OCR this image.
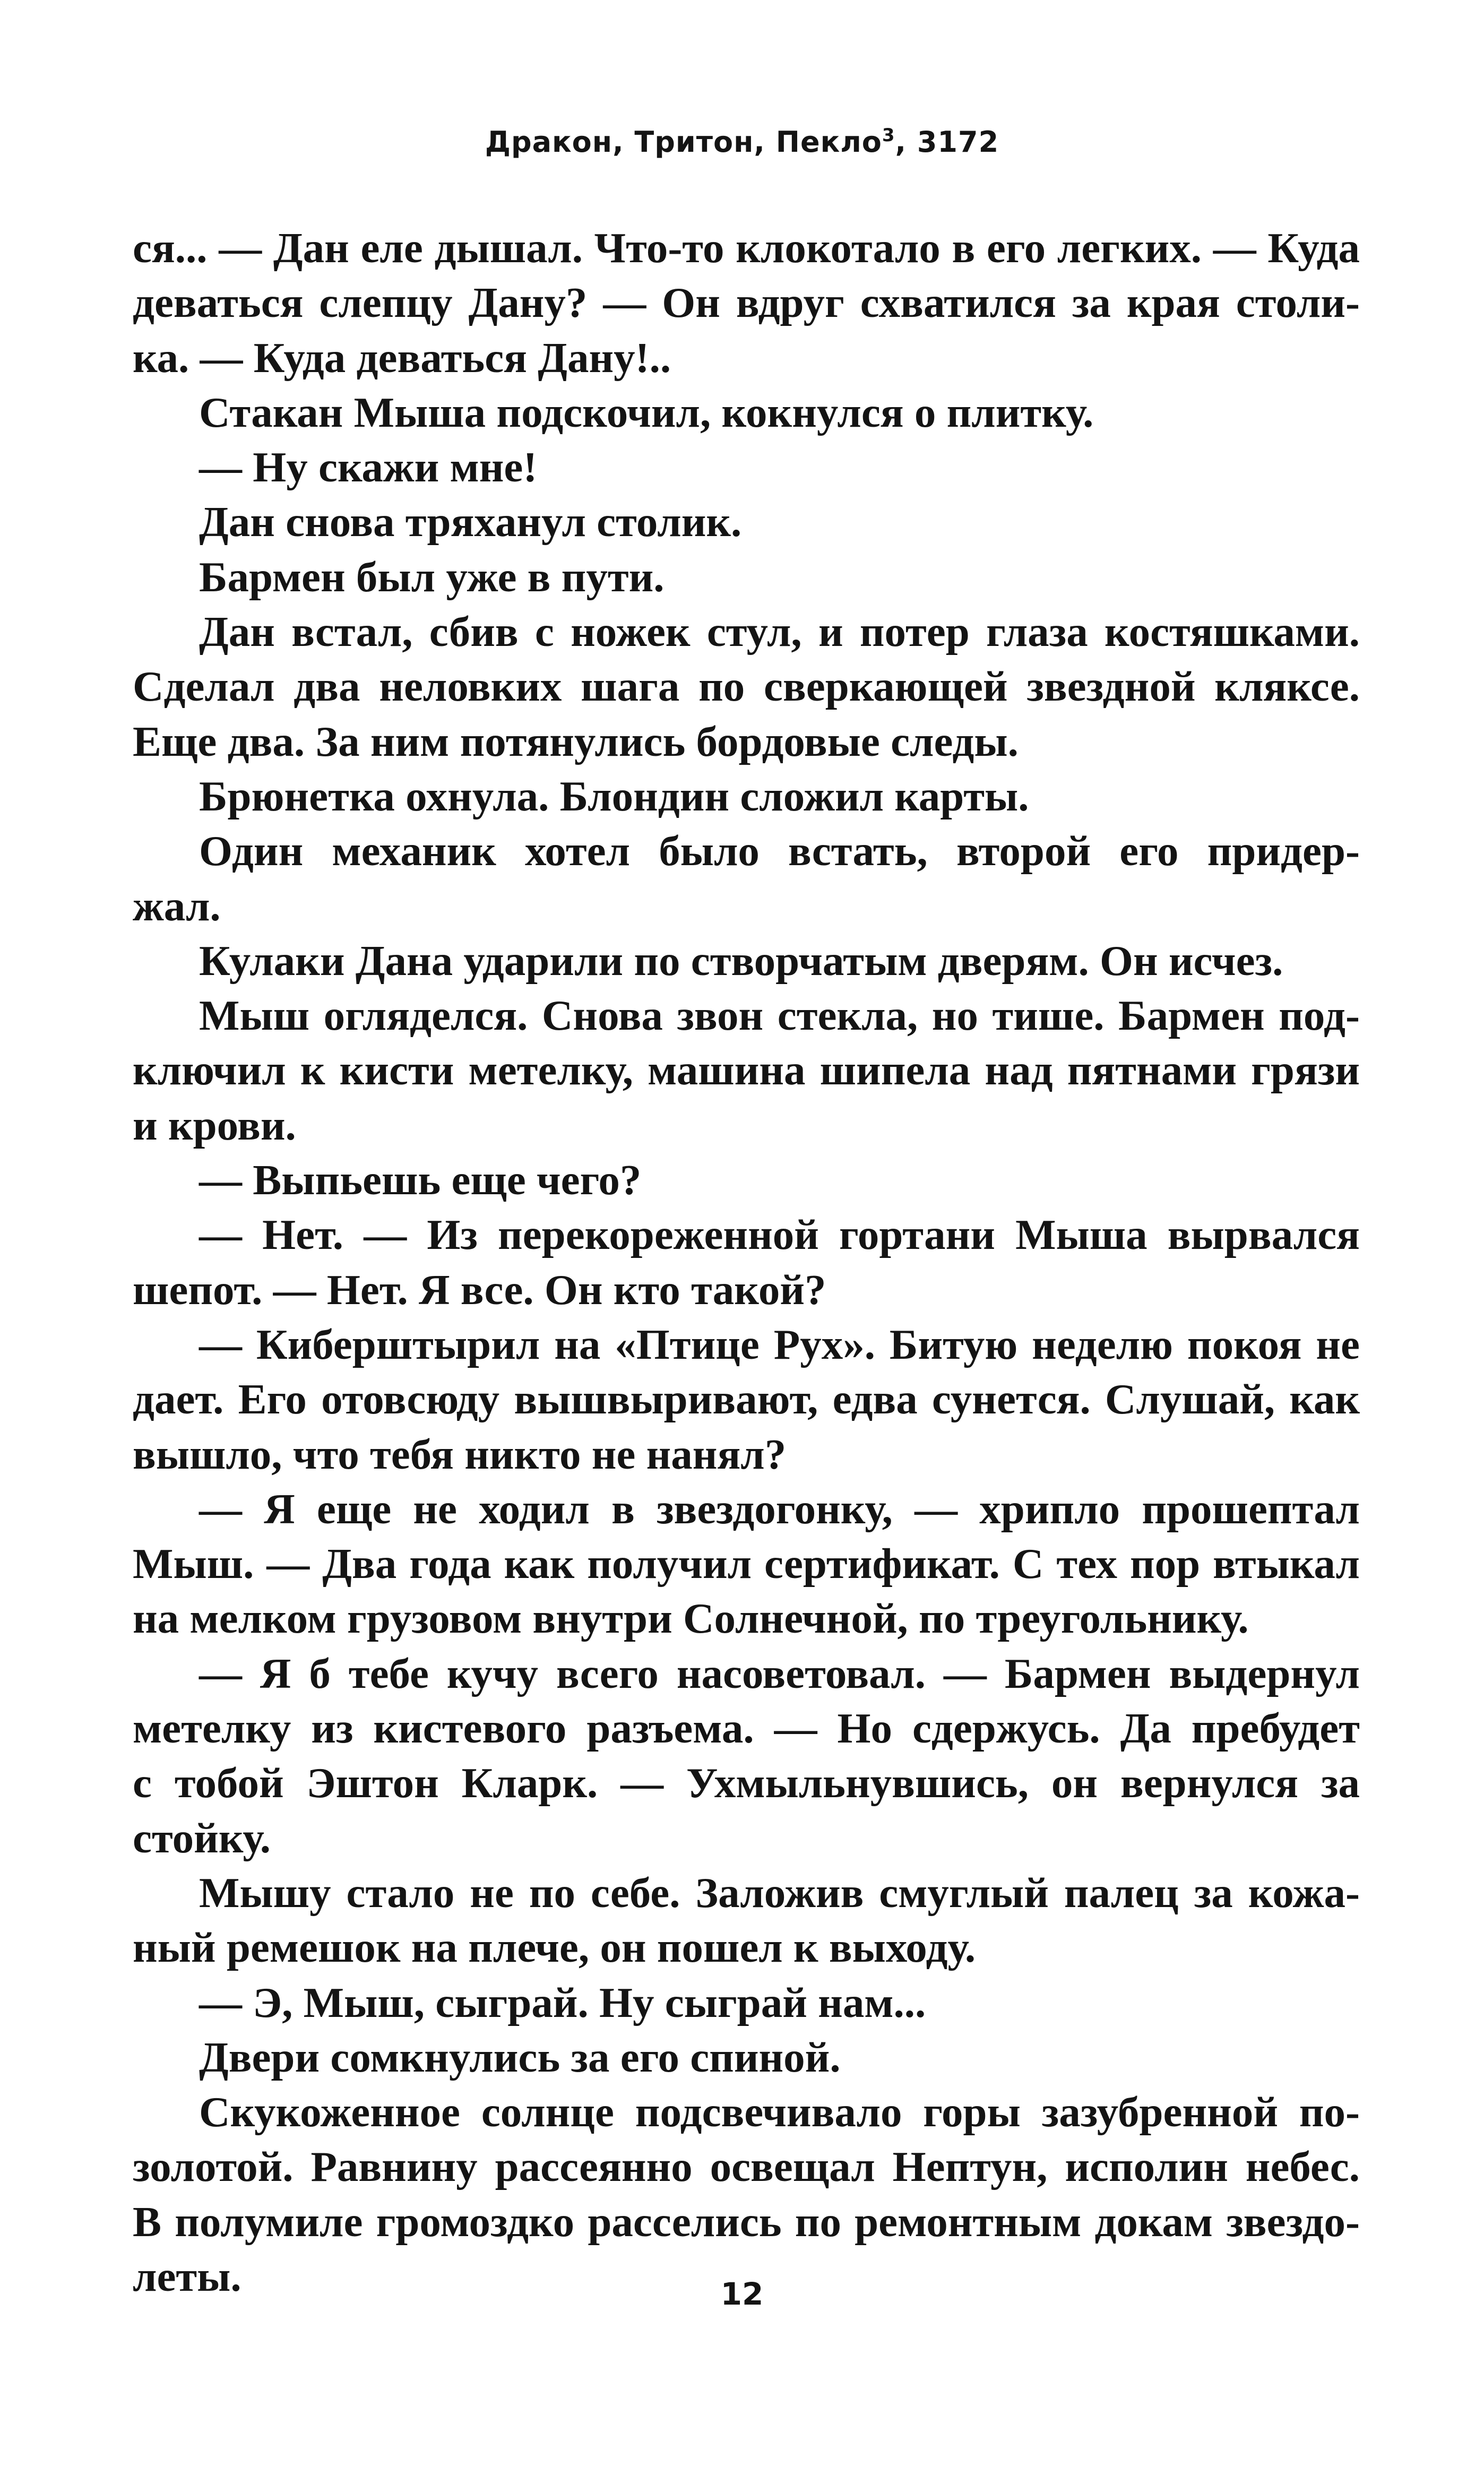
Дракон, Тритон, Пекло$^3$, 3172
ся... — Дан еле дышал. Что-то клокотало в его легких. — Куда
деваться слепцу Дану? — Он вдруг схватился за края столи-
ка. — Куда деваться Дану!..
Стакан Мыша подскочил, кокнулся о плитку.
— Ну скажи мне!
Дан снова тряханул столик.
Бармен был уже в пути.
Дан встал, сбив с ножек стул, и потер глаза костяшками.
Сделал два неловких шага по сверкающей звездной кляксе.
Еще два. За ним потянулись бордовые следы.
Брюнетка охнула. Блондин сложил карты.
Один механик хотел было встать, второй его придер-
жал.
Кулаки Дана ударили по створчатым дверям. Он исчез.
Мыш огляделся. Снова звон стекла, но тише. Бармен под-
ключил к кисти метелку, машина шипела над пятнами грязи
и крови.
— Выпьешь еще чего?
— Нет. — Из перекореженной гортани Мыша вырвался
шепот. — Нет. Я все. Он кто такой?
— Киберштырил на «Птице Рух». Битую неделю покоя не
дает. Его отовсюду вышвыривают, едва сунется. Слушай, как
вышло, что тебя никто не нанял?
— Я еще не ходил в звездогонку, — хрипло прошептал
Мыш. — Два года как получил сертификат. С тех пор втыкал
на мелком грузовом внутри Солнечной, по треугольнику.
— Я б тебе кучу всего насоветовал. — Бармен выдернул
метелку из кистевого разъема. — Но сдержусь. Да пребудет
с тобой Эштон Кларк. — Ухмыльнувшись, он вернулся за
стойку.
Мышу стало не по себе. Заложив смуглый палец за кожа-
ный ремешок на плече, он пошел к выходу.
— Э, Мыш, сыграй. Ну сыграй нам...
Двери сомкнулись за его спиной.
Скукоженное солнце подсвечивало горы зазубренной по-
золотой. Равнину рассеянно освещал Нептун, исполин небес.
В полумиле громоздко расселись по ремонтным докам звездо-
леты.	12
